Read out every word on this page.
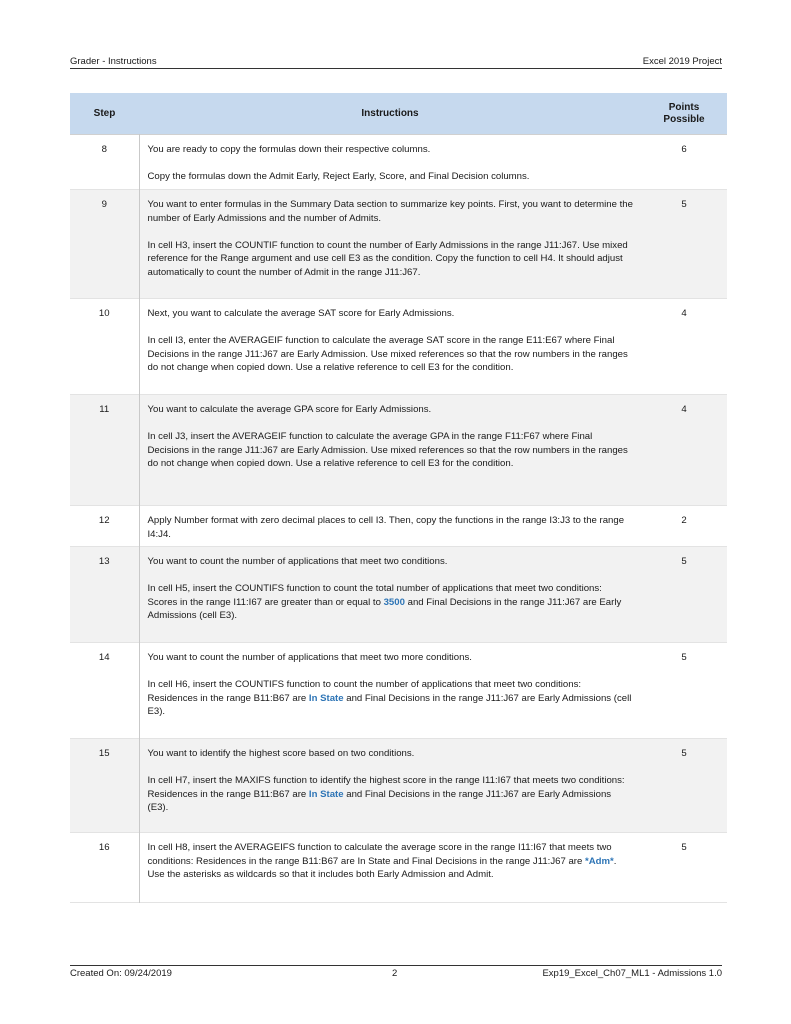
Grader - Instructions	Excel 2019 Project
Step	Instructions	Points
Possible
8	You are ready to copy the formulas down their respective columns.

Copy the formulas down the Admit Early, Reject Early, Score, and Final Decision columns.	6
9	You want to enter formulas in the Summary Data section to summarize key points. First, you want to determine the number of Early Admissions and the number of Admits.

In cell H3, insert the COUNTIF function to count the number of Early Admissions in the range J11:J67. Use mixed reference for the Range argument and use cell E3 as the condition. Copy the function to cell H4. It should adjust automatically to count the number of Admit in the range J11:J67.	5
10	Next, you want to calculate the average SAT score for Early Admissions.

In cell I3, enter the AVERAGEIF function to calculate the average SAT score in the range E11:E67 where Final Decisions in the range J11:J67 are Early Admission. Use mixed references so that the row numbers in the ranges do not change when copied down. Use a relative reference to cell E3 for the condition.	4
11	You want to calculate the average GPA score for Early Admissions.

In cell J3, insert the AVERAGEIF function to calculate the average GPA in the range F11:F67 where Final Decisions in the range J11:J67 are Early Admission. Use mixed references so that the row numbers in the ranges do not change when copied down. Use a relative reference to cell E3 for the condition.	4
12	Apply Number format with zero decimal places to cell I3. Then, copy the functions in the range I3:J3 to the range I4:J4.	2
13	You want to count the number of applications that meet two conditions.

In cell H5, insert the COUNTIFS function to count the total number of applications that meet two conditions: Scores in the range I11:I67 are greater than or equal to 3500 and Final Decisions in the range J11:J67 are Early Admissions (cell E3).	5
14	You want to count the number of applications that meet two more conditions.

In cell H6, insert the COUNTIFS function to count the number of applications that meet two conditions: Residences in the range B11:B67 are In State and Final Decisions in the range J11:J67 are Early Admissions (cell E3).	5
15	You want to identify the highest score based on two conditions.

In cell H7, insert the MAXIFS function to identify the highest score in the range I11:I67 that meets two conditions: Residences in the range B11:B67 are In State and Final Decisions in the range J11:J67 are Early Admissions (E3).	5
16	In cell H8, insert the AVERAGEIFS function to calculate the average score in the range I11:I67 that meets two conditions: Residences in the range B11:B67 are In State and Final Decisions in the range J11:J67 are *Adm*. Use the asterisks as wildcards so that it includes both Early Admission and Admit.	5
Created On: 09/24/2019	2	Exp19_Excel_Ch07_ML1 - Admissions 1.0
